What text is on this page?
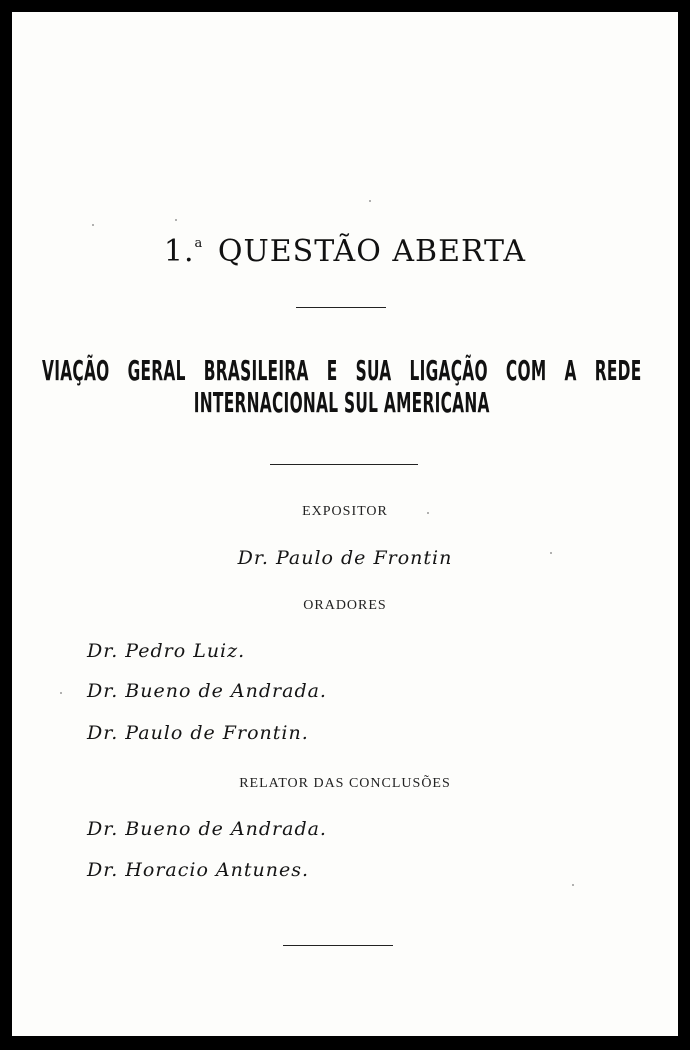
1.$^a$ QUESTÃO ABERTA
VIAÇÃO GERAL BRASILEIRA E SUA LIGAÇÃO COM A REDE
INTERNACIONAL SUL AMERICANA
EXPOSITOR
Dr. Paulo de Frontin
ORADORES
Dr. Pedro Luiz.
Dr. Bueno de Andrada.
Dr. Paulo de Frontin.
RELATOR DAS CONCLUSÕES
Dr. Bueno de Andrada.
Dr. Horacio Antunes.
